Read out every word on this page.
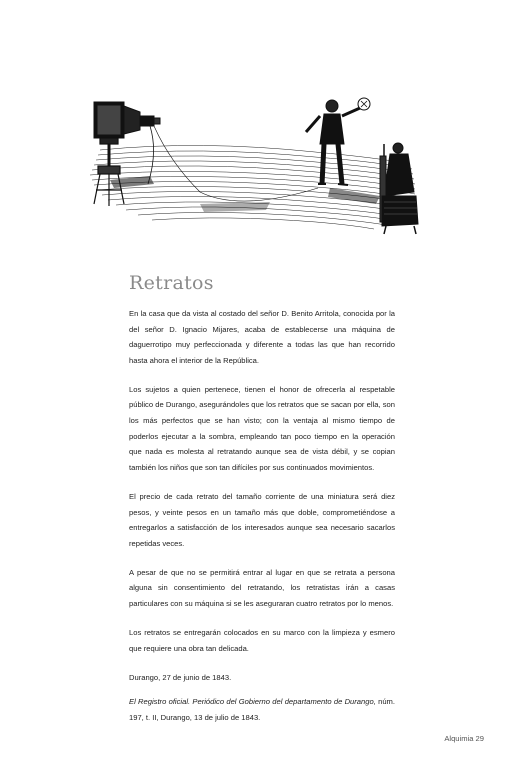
Retratos

En la casa que da vista al costado del señor D. Benito Arritola, conocida por la del señor D. Ignacio Mijares, acaba de establecerse una máquina de daguerrotipo muy perfeccionada y diferente a todas las que han recorrido hasta ahora el interior de la República.

Los sujetos a quien pertenece, tienen el honor de ofrecerla al respetable público de Durango, asegurándoles que los retratos que se sacan por ella, son los más perfectos que se han visto; con la ventaja al mismo tiempo de poderlos ejecutar a la sombra, empleando tan poco tiempo en la operación que nada es molesta al retratando aunque sea de vista débil, y se copian también los niños que son tan difíciles por sus continuados movimientos.

El precio de cada retrato del tamaño corriente de una miniatura será diez pesos, y veinte pesos en un tamaño más que doble, comprometiéndose a entregarlos a satisfacción de los interesados aunque sea necesario sacarlos repetidas veces.

A pesar de que no se permitirá entrar al lugar en que se retrata a persona alguna sin consentimiento del retratando, los retratistas irán a casas particulares con su máquina si se les aseguraran cuatro retratos por lo menos.

Los retratos se entregarán colocados en su marco con la limpieza y esmero que requiere una obra tan delicada.

Durango, 27 de junio de 1843.

El Registro oficial. Periódico del Gobierno del departamento de Durango, núm. 197, t. II, Durango, 13 de julio de 1843.

Alquimia 29
